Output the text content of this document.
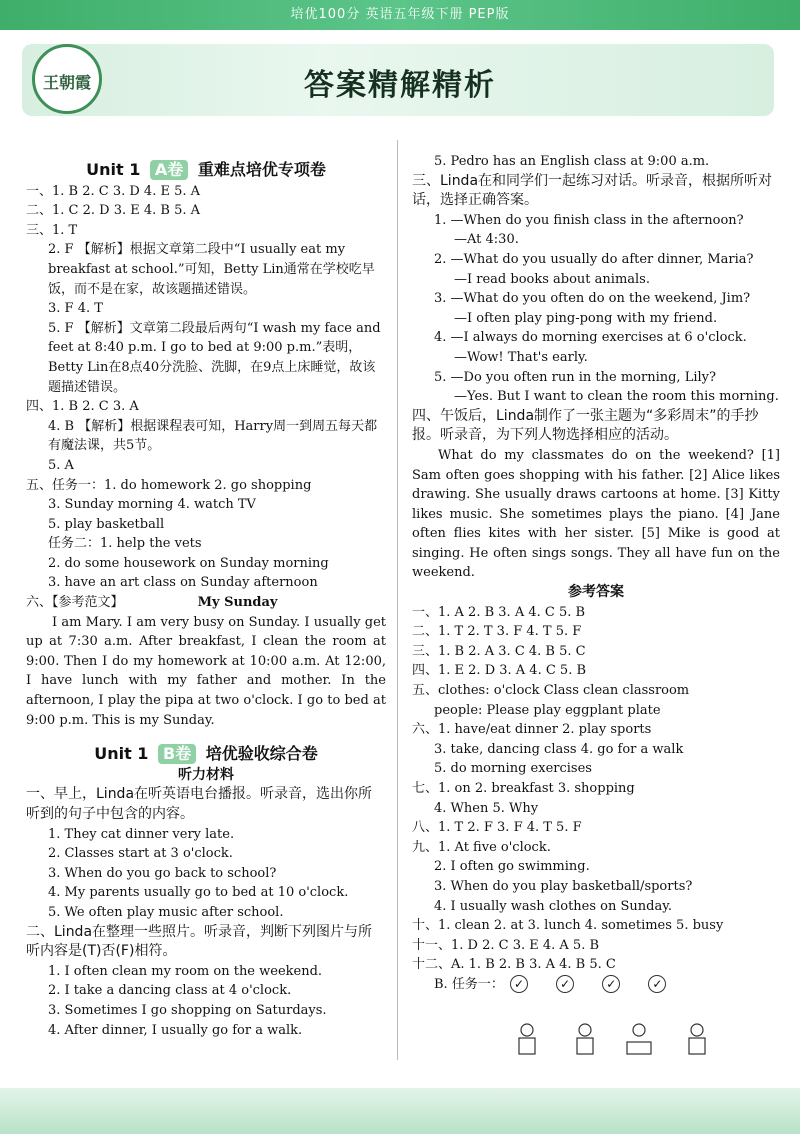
培优100分 英语五年级下册 PEP版
王朝霞	答案精解精析
Unit 1 A卷 重难点培优专项卷
一、1. B 2. C 3. D 4. E 5. A
二、1. C 2. D 3. E 4. B 5. A
三、1. T
2. F 【解析】根据文章第二段中“I usually eat my breakfast at school.”可知，Betty Lin通常在学校吃早饭，而不是在家，故该题描述错误。
3. F 4. T
5. F 【解析】文章第二段最后两句“I wash my face and feet at 8:40 p.m. I go to bed at 9:00 p.m.”表明，Betty Lin在8点40分洗脸、洗脚，在9点上床睡觉，故该题描述错误。
四、1. B 2. C 3. A
4. B 【解析】根据课程表可知，Harry周一到周五每天都有魔法课，共5节。
5. A
五、任务一：1. do homework 2. go shopping
3. Sunday morning 4. watch TV
5. play basketball
任务二：1. help the vets
2. do some housework on Sunday morning
3. have an art class on Sunday afternoon
六、【参考范文】	My Sunday
I am Mary. I am very busy on Sunday. I usually get up at 7:30 a.m. After breakfast, I clean the room at 9:00. Then I do my homework at 10:00 a.m. At 12:00, I have lunch with my father and mother. In the afternoon, I play the pipa at two o'clock. I go to bed at 9:00 p.m. This is my Sunday.
Unit 1 B卷 培优验收综合卷
听力材料
一、早上，Linda在听英语电台播报。听录音，选出你所听到的句子中包含的内容。
1. They cat dinner very late.
2. Classes start at 3 o'clock.
3. When do you go back to school?
4. My parents usually go to bed at 10 o'clock.
5. We often play music after school.
二、Linda在整理一些照片。听录音，判断下列图片与所听内容是(T)否(F)相符。
1. I often clean my room on the weekend.
2. I take a dancing class at 4 o'clock.
3. Sometimes I go shopping on Saturdays.
4. After dinner, I usually go for a walk.
5. Pedro has an English class at 9:00 a.m.
三、Linda在和同学们一起练习对话。听录音，根据所听对话，选择正确答案。
1. —When do you finish class in the afternoon?
—At 4:30.
2. —What do you usually do after dinner, Maria?
—I read books about animals.
3. —What do you often do on the weekend, Jim?
—I often play ping-pong with my friend.
4. —I always do morning exercises at 6 o'clock.
—Wow! That's early.
5. —Do you often run in the morning, Lily?
—Yes. But I want to clean the room this morning.
四、午饭后，Linda制作了一张主题为“多彩周末”的手抄报。听录音，为下列人物选择相应的活动。
What do my classmates do on the weekend? [1] Sam often goes shopping with his father. [2] Alice likes drawing. She usually draws cartoons at home. [3] Kitty likes music. She sometimes plays the piano. [4] Jane often flies kites with her sister. [5] Mike is good at singing. He often sings songs. They all have fun on the weekend.
参考答案
一、1. A 2. B 3. A 4. C 5. B
二、1. T 2. T 3. F 4. T 5. F
三、1. B 2. A 3. C 4. B 5. C
四、1. E 2. D 3. A 4. C 5. B
五、clothes: o'clock Class clean classroom
people: Please play eggplant plate
六、1. have/eat dinner 2. play sports
3. take, dancing class 4. go for a walk
5. do morning exercises
七、1. on 2. breakfast 3. shopping
4. When 5. Why
八、1. T 2. F 3. F 4. T 5. F
九、1. At five o'clock.
2. I often go swimming.
3. When do you play basketball/sports?
4. I usually wash clothes on Sunday.
十、1. clean 2. at 3. lunch 4. sometimes 5. busy
十一、1. D 2. C 3. E 4. A 5. B
十二、A. 1. B 2. B 3. A 4. B 5. C
B. 任务一： ✓	✓	✓	✓
